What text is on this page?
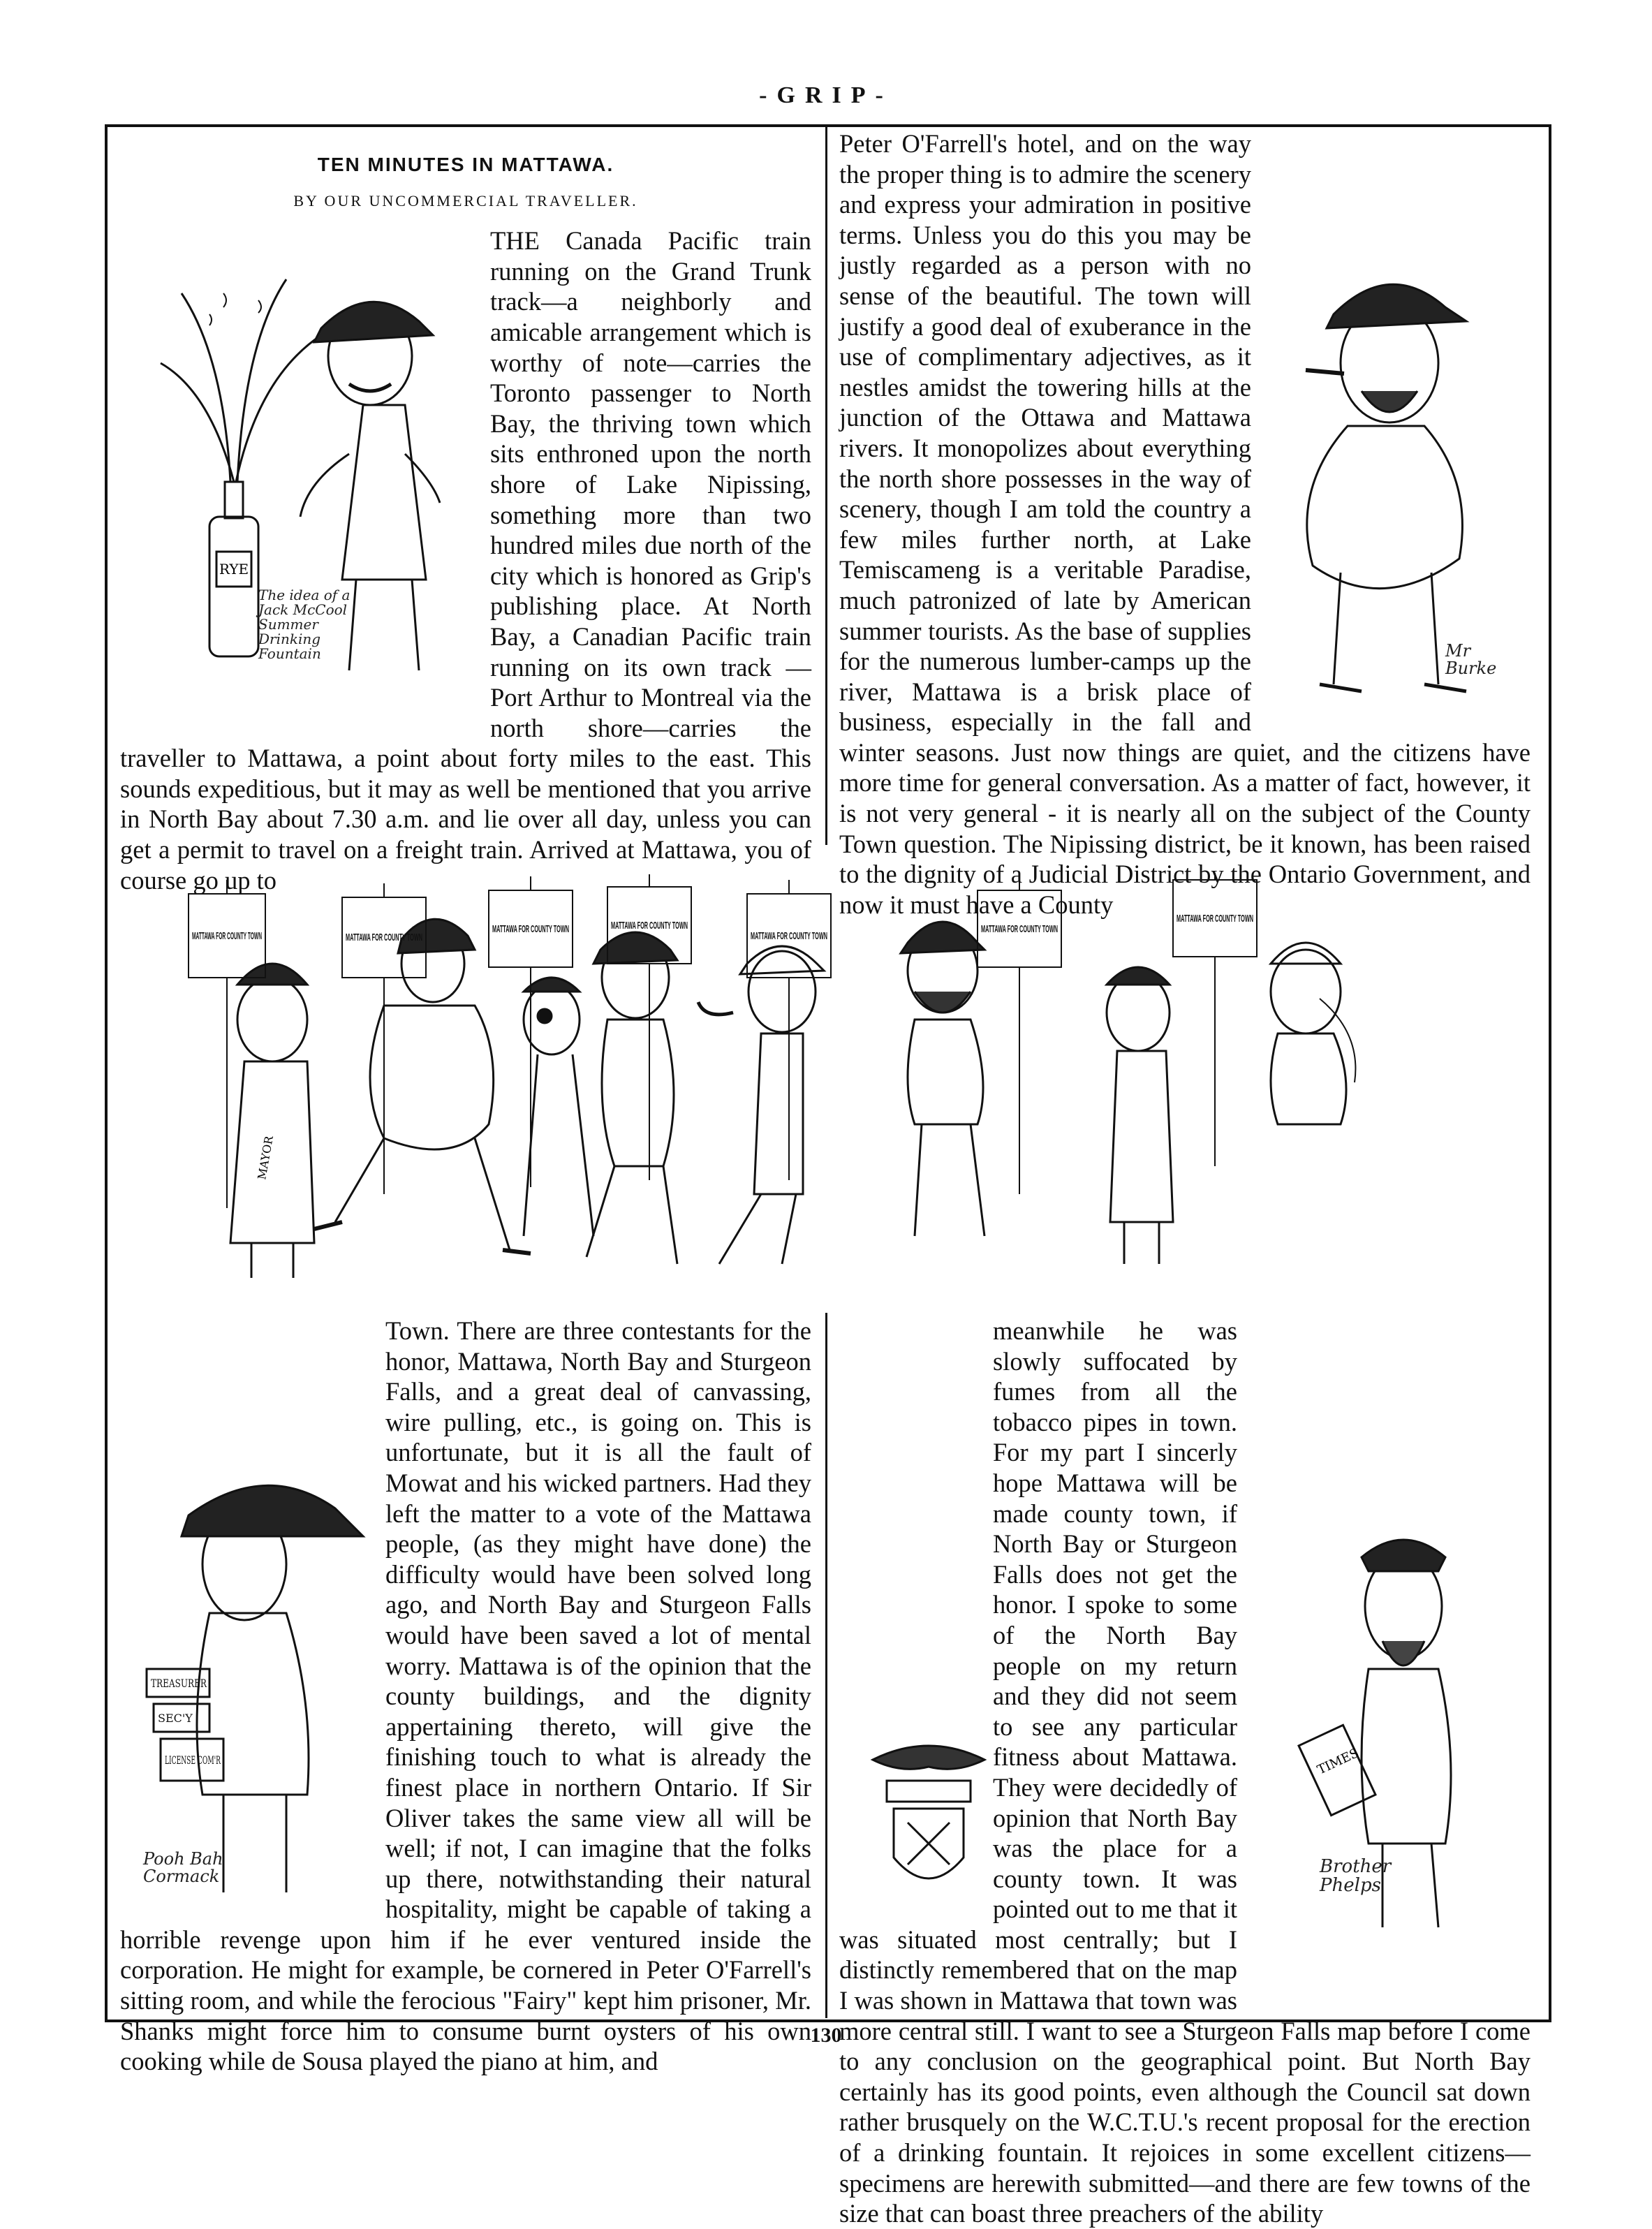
-GRIP-
TEN MINUTES IN MATTAWA.
BY OUR UNCOMMERCIAL TRAVELLER.

THE Canada Pacific train running on the Grand Trunk track—a neighborly and amicable arrangement which is worthy of note—carries the Toronto passenger to North Bay, the thriving town which sits enthroned upon the north shore of Lake Nipissing, something more than two hundred miles due north of the city which is honored as Grip's publishing place. At North Bay, a Canadian Pacific train running on its own track —Port Arthur to Montreal via the north shore—carries the traveller to Mattawa, a point about forty miles to the east. This sounds expeditious, but it may as well be mentioned that you arrive in North Bay about 7.30 a.m. and lie over all day, unless you can get a permit to travel on a freight train. Arrived at Mattawa, you of course go up to

RYE
The idea of a Jack McCool Summer Drinking Fountain

Peter O'Farrell's hotel, and on the way the proper thing is to admire the scenery and express your admiration in positive terms. Unless you do this you may be justly regarded as a person with no sense of the beautiful. The town will justify a good deal of exuberance in the use of complimentary adjectives, as it nestles amidst the towering hills at the junction of the Ottawa and Mattawa rivers. It monopolizes about everything the north shore possesses in the way of scenery, though I am told the country a few miles further north, at Lake Temiscameng is a veritable Paradise, much patronized of late by American summer tourists. As the base of supplies for the numerous lumber-camps up the river, Mattawa is a brisk place of business, especially in the fall and winter seasons. Just now things are quiet, and the citizens have more time for general conversation. As a matter of fact, however, it is not very general - it is nearly all on the subject of the County Town question. The Nipissing district, be it known, has been raised to the dignity of a Judicial District by the Ontario Government, and now it must have a County

Mr Burke
MATTAWA FOR COUNTY TOWN	MATTAWA FOR COUNTY TOWN
MATTAWA FOR COUNTY TOWN	MATTAWA FOR COUNTY TOWN
MATTAWA FOR COUNTY TOWN
MATTAWA FOR COUNTY TOWN
MATTAWA FOR COUNTY TOWN
MAYOR

Town. There are three contestants for the honor, Mattawa, North Bay and Sturgeon Falls, and a great deal of canvassing, wire pulling, etc., is going on. This is unfortunate, but it is all the fault of Mowat and his wicked partners. Had they left the matter to a vote of the Mattawa people, (as they might have done) the difficulty would have been solved long ago, and North Bay and Sturgeon Falls would have been saved a lot of mental worry. Mattawa is of the opinion that the county buildings, and the dignity appertaining thereto, will give the finishing touch to what is already the finest place in northern Ontario. If Sir Oliver takes the same view all will be well; if not, I can imagine that the folks up there, notwithstanding their natural hospitality, might be capable of taking a horrible revenge upon him if he ever ventured inside the corporation. He might for example, be cornered in Peter O'Farrell's sitting room, and while the ferocious "Fairy" kept him prisoner, Mr. Shanks might force him to consume burnt oysters of his own cooking while de Sousa played the piano at him, and

TREASURER
SEC'Y
LICENSE COM'R
Pooh Bah Cormack

meanwhile he was slowly suffocated by fumes from all the tobacco pipes in town. For my part I sincerly hope Mattawa will be made county town, if North Bay or Sturgeon Falls does not get the honor. I spoke to some of the North Bay people on my return and they did not seem to see any particular fitness about Mattawa. They were decidedly of opinion that North Bay was the place for a county town. It was pointed out to me that it was situated most centrally; but I distinctly remembered that on the map I was shown in Mattawa that town was more central still. I want to see a Sturgeon Falls map before I come to any conclusion on the geographical point. But North Bay certainly has its good points, even although the Council sat down rather brusquely on the W.C.T.U.'s recent proposal for the erection of a drinking fountain. It rejoices in some excellent citizens—specimens are herewith submitted—and there are few towns of the size that can boast three preachers of the ability

TIMES
Brother Phelps
130
